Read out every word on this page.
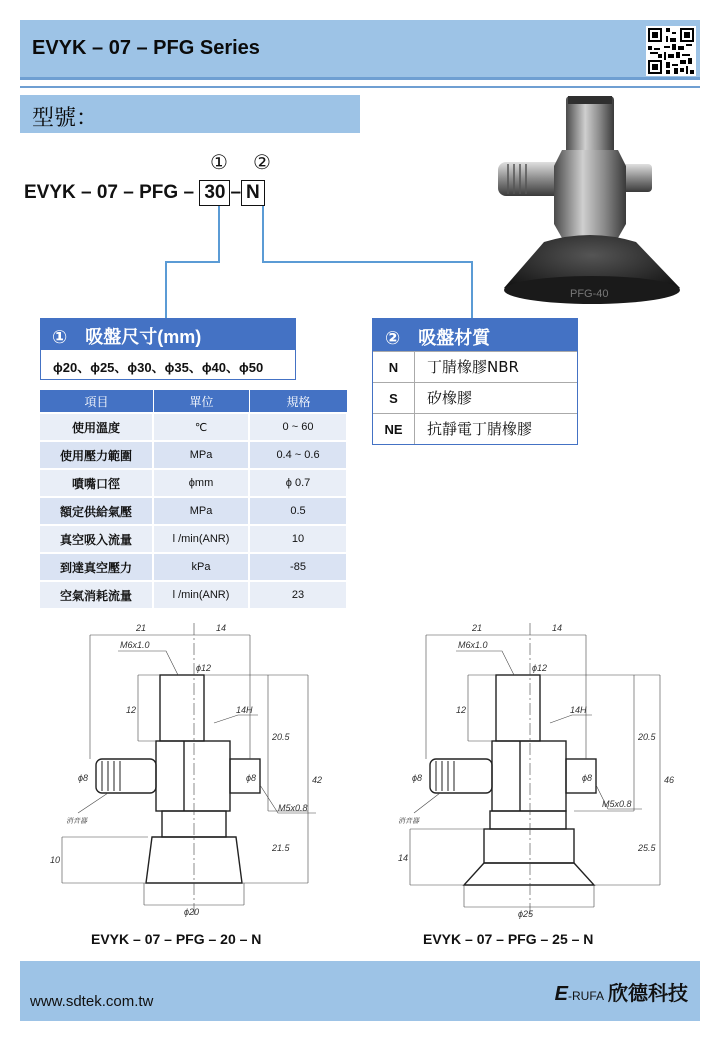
EVYK – 07 – PFG Series
型號：
① ②
EVYK – 07 – PFG – 30 – N
PFG-40
① 吸盤尺寸(mm)
ϕ20、ϕ25、ϕ30、ϕ35、ϕ40、ϕ50
② 吸盤材質
N	丁腈橡膠NBR
S	矽橡膠
NE	抗靜電丁腈橡膠
項目	單位	規格
使用溫度	℃	0 ~ 60
使用壓力範圍	MPa	0.4 ~ 0.6
噴嘴口徑	ϕmm	ϕ 0.7
額定供給氣壓	MPa	0.5
真空吸入流量	l /min(ANR)	10
到達真空壓力	kPa	-85
空氣消耗流量	l /min(ANR)	23
21	14
M6x1.0
ϕ12
12	14H
20.5
42
ϕ8	ϕ8
M5x0.8
21.5
10
ϕ20
消音器
EVYK – 07 – PFG – 20 – N
21	14
M6x1.0
ϕ12
12	14H
20.5
46
ϕ8	ϕ8
M5x0.8
25.5
14
ϕ25
消音器
EVYK – 07 – PFG – 25 – N
www.sdtek.com.tw	E-RUFA 欣德科技
